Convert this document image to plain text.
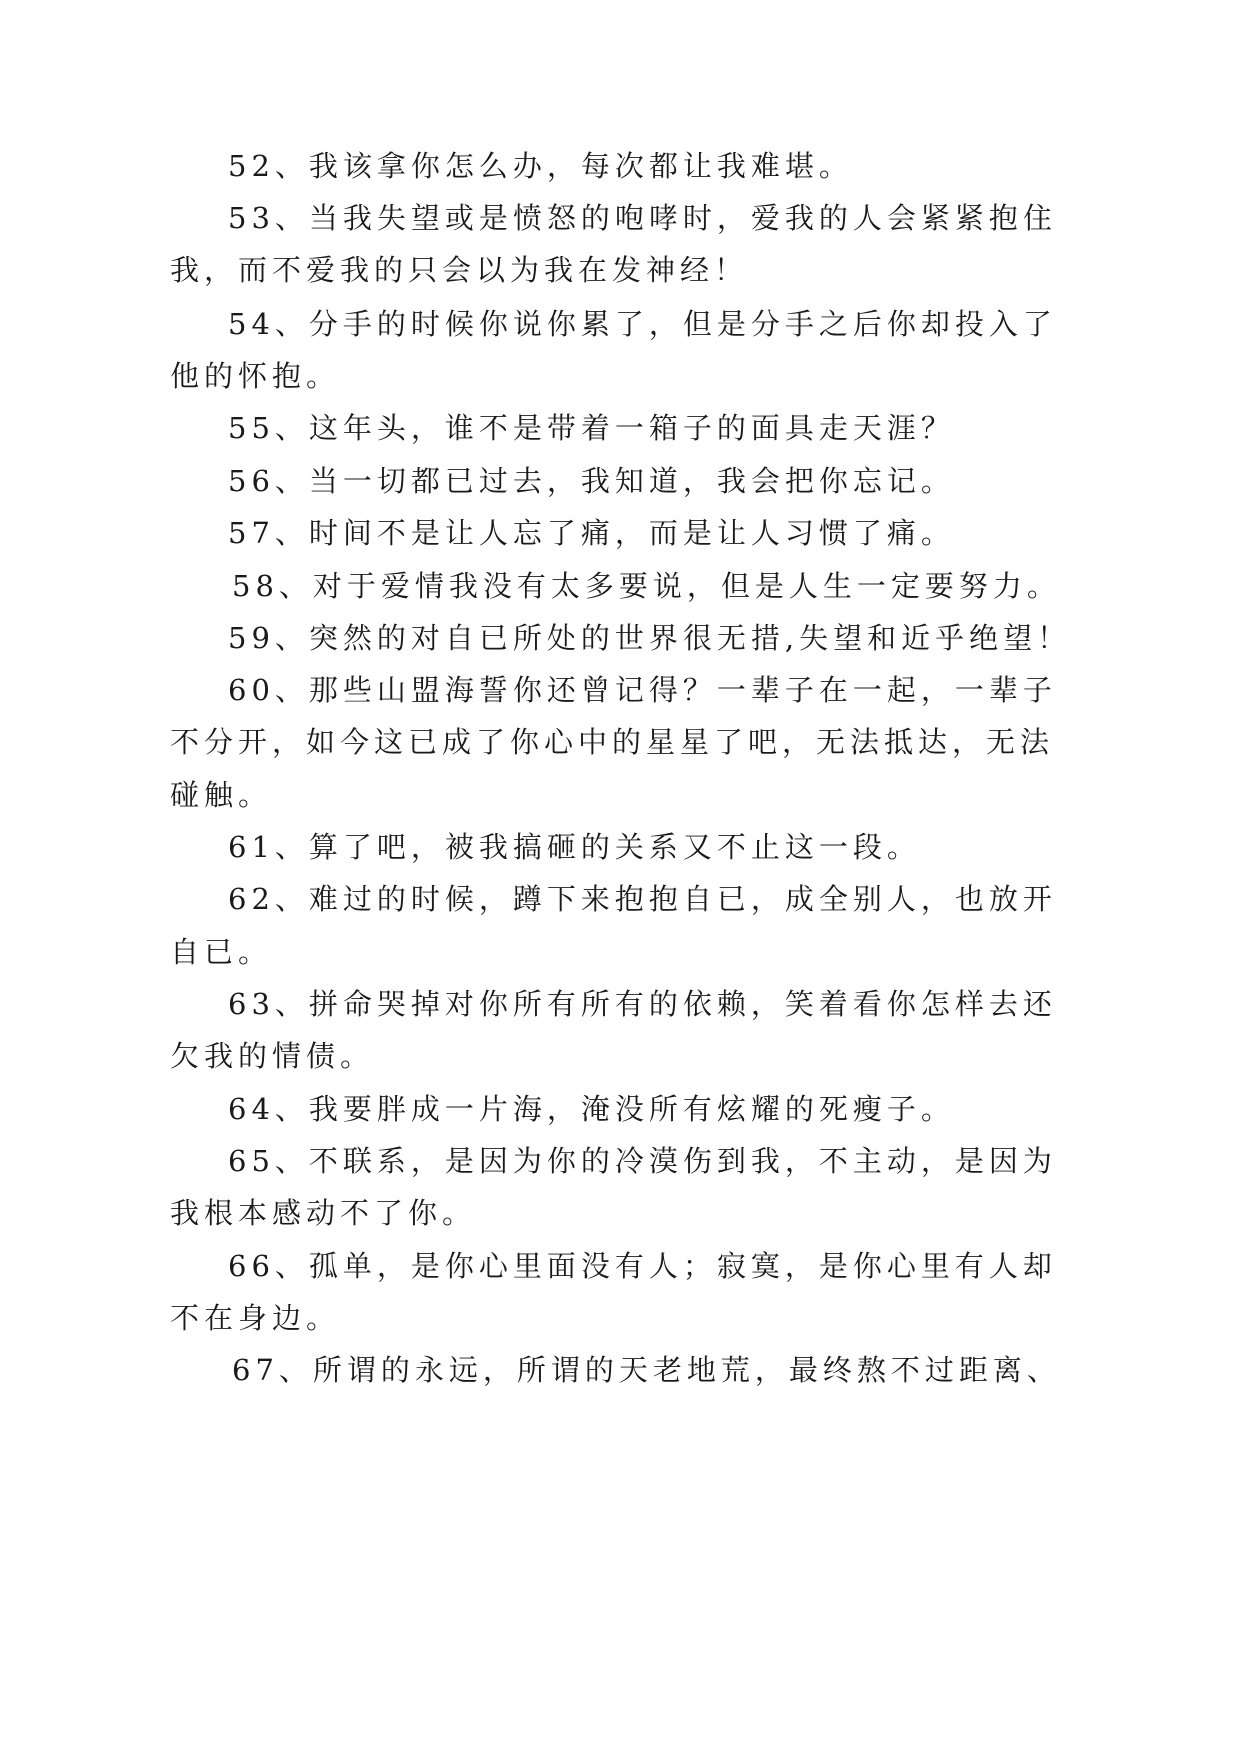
52、我该拿你怎么办，每次都让我难堪。
53、当我失望或是愤怒的咆哮时，爱我的人会紧紧抱住
我，而不爱我的只会以为我在发神经！
54、分手的时候你说你累了，但是分手之后你却投入了
他的怀抱。
55、这年头，谁不是带着一箱子的面具走天涯？
56、当一切都已过去，我知道，我会把你忘记。
57、时间不是让人忘了痛，而是让人习惯了痛。
58、对于爱情我没有太多要说，但是人生一定要努力。
59、突然的对自已所处的世界很无措,失望和近乎绝望！
60、那些山盟海誓你还曾记得？一辈子在一起，一辈子
不分开，如今这已成了你心中的星星了吧，无法抵达，无法
碰触。
61、算了吧，被我搞砸的关系又不止这一段。
62、难过的时候，蹲下来抱抱自已，成全别人，也放开
自已。
63、拼命哭掉对你所有所有的依赖，笑着看你怎样去还
欠我的情债。
64、我要胖成一片海，淹没所有炫耀的死瘦子。
65、不联系，是因为你的冷漠伤到我，不主动，是因为
我根本感动不了你。
66、孤单，是你心里面没有人；寂寞，是你心里有人却
不在身边。
67、所谓的永远，所谓的天老地荒，最终熬不过距离、
